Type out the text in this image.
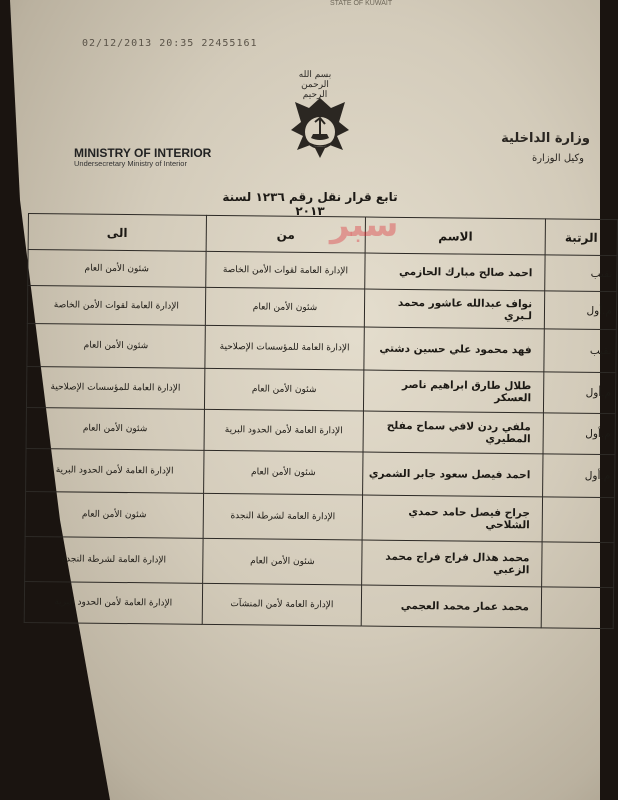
STATE OF KUWAIT
02/12/2013 20:35 22455161
بسم الله الرحمن الرحيم
MINISTRY OF INTERIOR
Undersecretary Ministry of Interior
وزارة الداخلية
وكيل الوزارة
تابع قرار نقل رقم ١٢٣٦ لسنة ٢٠١٣
الى	من	الاسم	الرتبة
شئون الأمن العام	الإدارة العامة لقوات الأمن الخاصة	احمد صالح مبارك الحازمي	نقيب
الإدارة العامة لقوات الأمن الخاصة	شئون الأمن العام	نواف عبدالله عاشور محمد لـبري	م.أول
شئون الأمن العام	الإدارة العامة للمؤسسات الإصلاحية	فهد محمود علي حسين دشتي	نقيب
الإدارة العامة للمؤسسات الإصلاحية	شئون الأمن العام	طلال طارق ابراهيم ناصر العسكر	م.أول
شئون الأمن العام	الإدارة العامة لأمن الحدود البرية	ملفي ردن لافي سماح مفلح المطيري	م.أول
الإدارة العامة لأمن الحدود البرية	شئون الأمن العام	احمد فيصل سعود جابر الشمري	م.أول
شئون الأمن العام	الإدارة العامة لشرطة النجدة	جراح فيصل حامد حمدي الشلاحي	
الإدارة العامة لشرطة النجدة	شئون الأمن العام	محمد هذال فراج فراج محمد الزعبي	
الإدارة العامة لأمن الحدود البرية	الإدارة العامة لأمن المنشآت	محمد عمار محمد العجمي	
سبر
